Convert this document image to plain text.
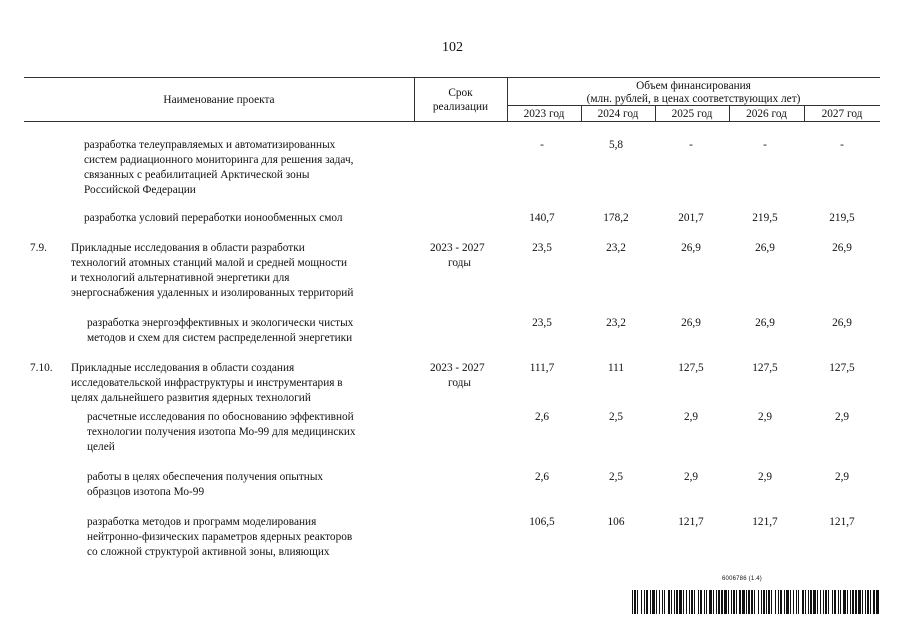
102
Наименование проекта
Срок
реализации
Объем финансирования
(млн. рублей, в ценах соответствующих лет)
2023 год	2024 год	2025 год	2026 год	2027 год
разработка телеуправляемых и автоматизированных
систем радиационного мониторинга для решения задач,
связанных с реабилитацией Арктической зоны
Российской Федерации
-	5,8	-	-	-
разработка условий переработки ионообменных смол	140,7	178,2	201,7	219,5	219,5
7.9. Прикладные исследования в области разработки
технологий атомных станций малой и средней мощности
и технологий альтернативной энергетики для
энергоснабжения удаленных и изолированных территорий
2023 - 2027
годы
23,5	23,2	26,9	26,9	26,9
разработка энергоэффективных и экологически чистых
методов и схем для систем распределенной энергетики
23,5	23,2	26,9	26,9	26,9
7.10. Прикладные исследования в области создания
исследовательской инфраструктуры и инструментария в
целях дальнейшего развития ядерных технологий
2023 - 2027
годы
111,7	111	127,5	127,5	127,5
расчетные исследования по обоснованию эффективной
технологии получения изотопа Мо-99 для медицинских
целей
2,6	2,5	2,9	2,9	2,9
работы в целях обеспечения получения опытных
образцов изотопа Мо-99
2,6	2,5	2,9	2,9	2,9
разработка методов и программ моделирования
нейтронно-физических параметров ядерных реакторов
со сложной структурой активной зоны, влияющих
106,5	106	121,7	121,7	121,7
6006786 (1.4)
